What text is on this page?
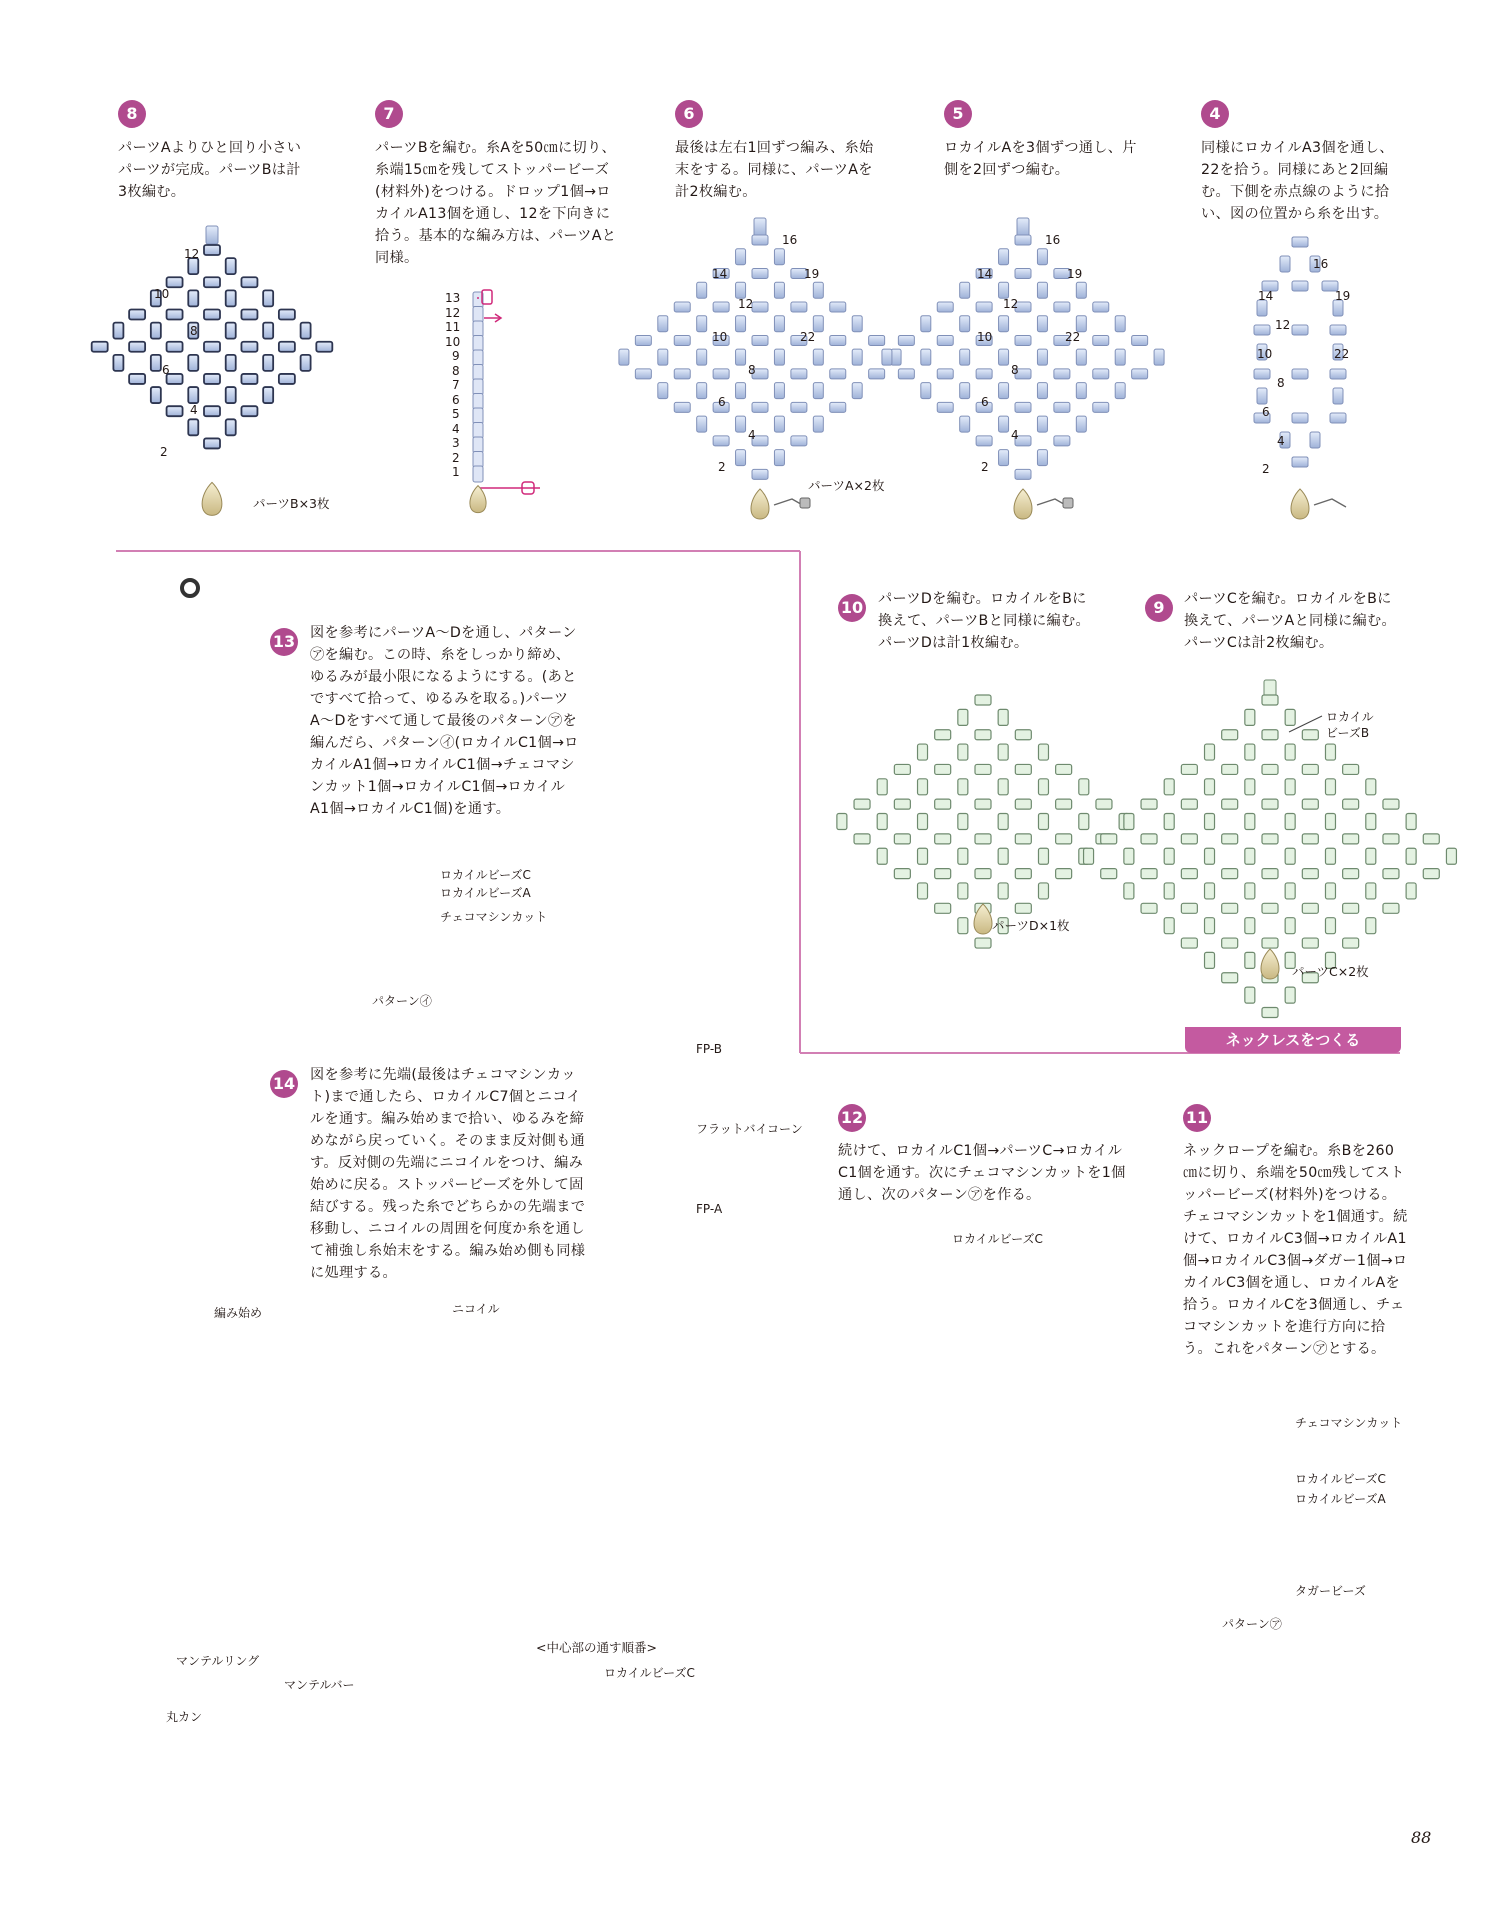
8
パーツAよりひと回り小さいパーツが完成。パーツBは計3枚編む。
7
パーツBを編む。糸Aを50㎝に切り、糸端15㎝を残してストッパービーズ(材料外)をつける。ドロップ1個→ロカイルA13個を通し、12を下向きに拾う。基本的な編み方は、パーツAと同様。
6
最後は左右1回ずつ編み、糸始末をする。同様に、パーツAを計2枚編む。
5
ロカイルAを3個ずつ通し、片側を2回ずつ編む。
4
同様にロカイルA3個を通し、22を拾う。同様にあと2回編む。下側を赤点線のように拾い、図の位置から糸を出す。
10 パーツDを編む。ロカイルをBに換えて、パーツBと同様に編む。パーツDは計1枚編む。
9	パーツCを編む。ロカイルをBに換えて、パーツAと同様に編む。パーツCは計2枚編む。
13 図を参考にパーツA〜Dを通し、パターン㋐を編む。この時、糸をしっかり締め、ゆるみが最小限になるようにする。(あとですべて拾って、ゆるみを取る。)パーツA〜Dをすべて通して最後のパターン㋐を編んだら、パターン㋑(ロカイルC1個→ロカイルA1個→ロカイルC1個→チェコマシンカット1個→ロカイルC1個→ロカイルA1個→ロカイルC1個)を通す。
14 図を参考に先端(最後はチェコマシンカット)まで通したら、ロカイルC7個とニコイルを通す。編み始めまで拾い、ゆるみを締めながら戻っていく。そのまま反対側も通す。反対側の先端にニコイルをつけ、編み始めに戻る。ストッパービーズを外して固結びする。残った糸でどちらかの先端まで移動し、ニコイルの周囲を何度か糸を通して補強し糸始末をする。編み始め側も同様に処理する。
ネックレスをつくる
12
続けて、ロカイルC1個→パーツC→ロカイルC1個を通す。次にチェコマシンカットを1個通し、次のパターン㋐を作る。
11
ネックロープを編む。糸Bを260㎝に切り、糸端を50㎝残してストッパービーズ(材料外)をつける。チェコマシンカットを1個通す。続けて、ロカイルC3個→ロカイルA1個→ロカイルC3個→ダガー1個→ロカイルC3個を通し、ロカイルAを拾う。ロカイルCを3個通し、チェコマシンカットを進行方向に拾う。これをパターン㋐とする。
パーツB×3枚
パーツA×2枚
パーツD×1枚
パーツC×2枚
ロカイル
ビーズB
13
12
11
10
9
8
7
6
5
4
3
2
1
16
14	19
12
10	22
8
6
4
2
16
14	19
12
10	22
8
6
4
2
16
14	19
12
10	22
8
6
4
2
12
10
8
6
4
2
FP-B
フラットバイコーン
FP-A
編み始め
ロカイルビーズC
ロカイルビーズA
チェコマシンカット
パターン㋑
ニコイル
ロカイルビーズC
チェコマシンカット
ロカイルビーズC
ロカイルビーズA
タガービーズ
パターン㋐
マンテルリング
マンテルバー
丸カン
<中心部の通す順番>
ロカイルビーズC
88
